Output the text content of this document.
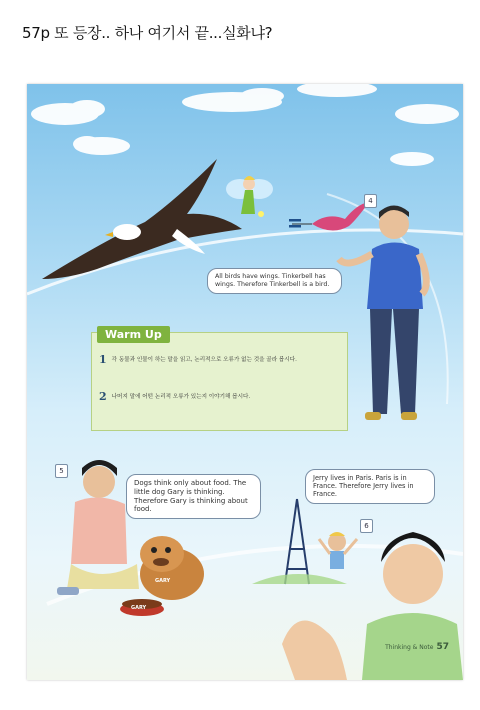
57p 또 등장.. 하나 여기서 끝...실화냐?
4
5
6
All birds have wings. Tinkerbell has wings. Therefore Tinkerbell is a bird.
Warm Up
1 각 동물과 인물이 하는 말을 읽고, 논리적으로 오류가 없는 것을 골라 봅시다.
2 나머지 말에 어떤 논리적 오류가 있는지 이야기해 봅시다.
Dogs think only about food. The little dog Gary is thinking. Therefore Gary is thinking about food.
Jerry lives in Paris. Paris is in France. Therefore Jerry lives in France.
GARY
GARY
Thinking & Note 57
